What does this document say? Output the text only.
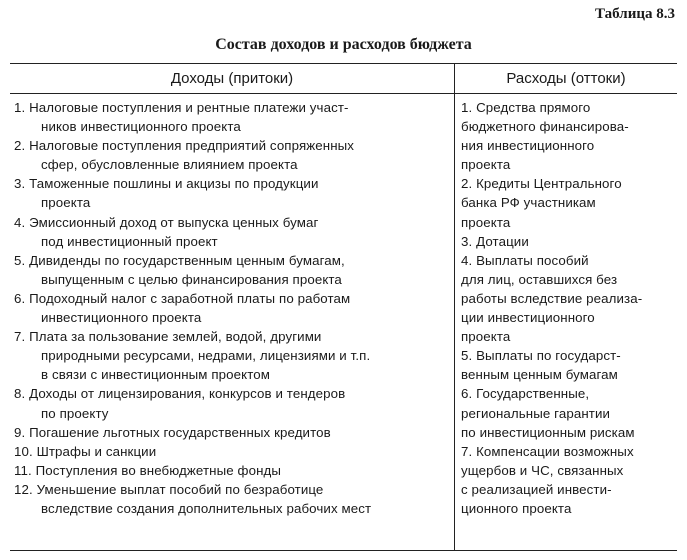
Таблица 8.3
Состав доходов и расходов бюджета
Доходы (притоки)	Расходы (оттоки)
1. Налоговые поступления и рентные платежи участ-
ников инвестиционного проекта
2. Налоговые поступления предприятий сопряженных
сфер, обусловленные влиянием проекта
3. Таможенные пошлины и акцизы по продукции
проекта
4. Эмиссионный доход от выпуска ценных бумаг
под инвестиционный проект
5. Дивиденды по государственным ценным бумагам,
выпущенным с целью финансирования проекта
6. Подоходный налог с заработной платы по работам
инвестиционного проекта
7. Плата за пользование землей, водой, другими
природными ресурсами, недрами, лицензиями и т.п.
в связи с инвестиционным проектом
8. Доходы от лицензирования, конкурсов и тендеров
по проекту
9. Погашение льготных государственных кредитов
10. Штрафы и санкции
11. Поступления во внебюджетные фонды
12. Уменьшение выплат пособий по безработице
вследствие создания дополнительных рабочих мест
1. Средства прямого
бюджетного финансирова-
ния инвестиционного
проекта
2. Кредиты Центрального
банка РФ участникам
проекта
3. Дотации
4. Выплаты пособий
для лиц, оставшихся без
работы вследствие реализа-
ции инвестиционного
проекта
5. Выплаты по государст-
венным ценным бумагам
6. Государственные,
региональные гарантии
по инвестиционным рискам
7. Компенсации возможных
ущербов и ЧС, связанных
с реализацией инвести-
ционного проекта
